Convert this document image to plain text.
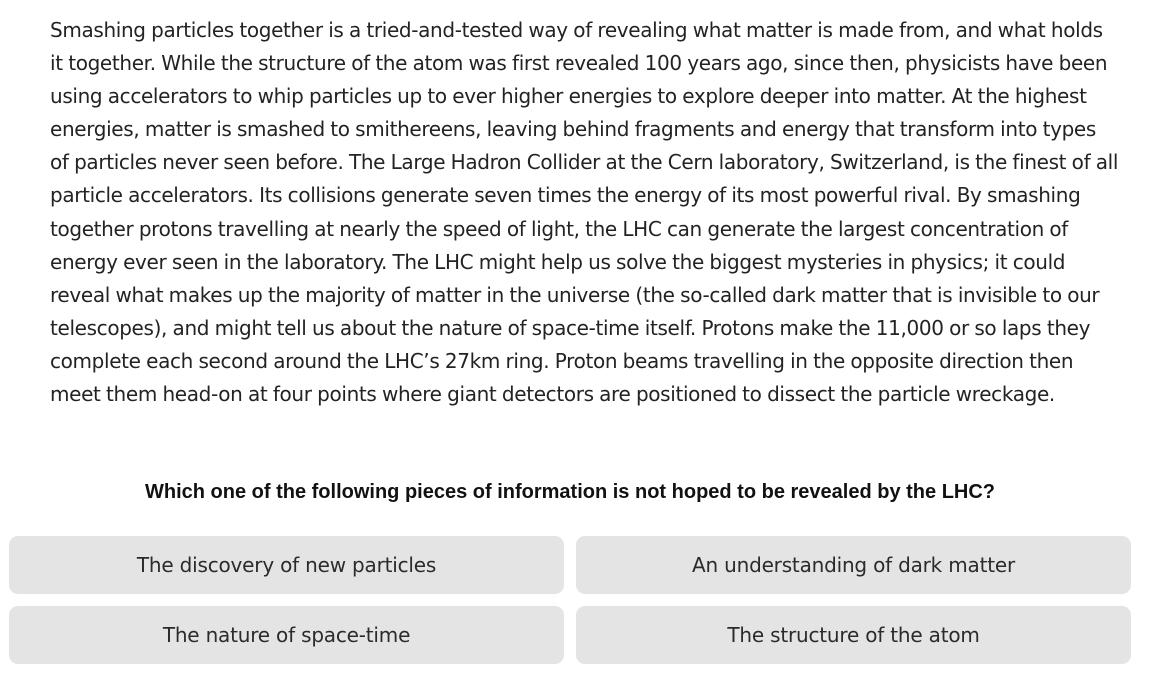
Smashing particles together is a tried-and-tested way of revealing what matter is made from, and what holds it together. While the structure of the atom was first revealed 100 years ago, since then, physicists have been using accelerators to whip particles up to ever higher energies to explore deeper into matter. At the highest energies, matter is smashed to smithereens, leaving behind fragments and energy that transform into types of particles never seen before. The Large Hadron Collider at the Cern laboratory, Switzerland, is the finest of all particle accelerators. Its collisions generate seven times the energy of its most powerful rival. By smashing together protons travelling at nearly the speed of light, the LHC can generate the largest concentration of energy ever seen in the laboratory. The LHC might help us solve the biggest mysteries in physics; it could reveal what makes up the majority of matter in the universe (the so-called dark matter that is invisible to our telescopes), and might tell us about the nature of space-time itself. Protons make the 11,000 or so laps they complete each second around the LHC’s 27km ring. Proton beams travelling in the opposite direction then meet them head-on at four points where giant detectors are positioned to dissect the particle wreckage.

Which one of the following pieces of information is not hoped to be revealed by the LHC?
The discovery of new particles	An understanding of dark matter
The nature of space-time	The structure of the atom
